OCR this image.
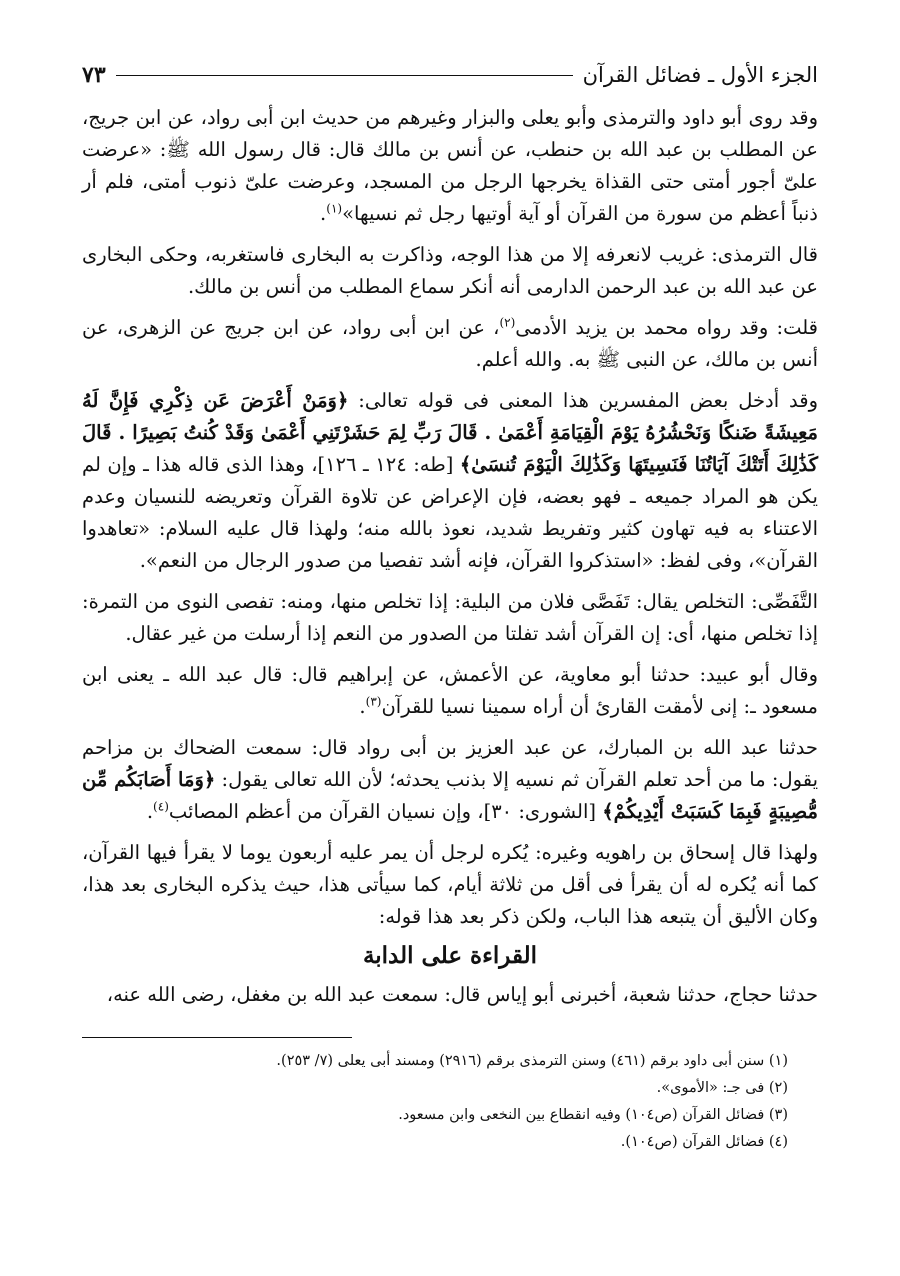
الجزء الأول ـ فضائل القرآن
٧٣

وقد روى أبو داود والترمذى وأبو يعلى والبزار وغيرهم من حديث ابن أبى رواد، عن ابن جريج، عن المطلب بن عبد الله بن حنطب، عن أنس بن مالك قال: قال رسول الله ﷺ: «عرضت علىّ أجور أمتى حتى القذاة يخرجها الرجل من المسجد، وعرضت علىّ ذنوب أمتى، فلم أر ذنباً أعظم من سورة من القرآن أو آية أوتيها رجل ثم نسيها»$^{(١)}$.

قال الترمذى: غريب لانعرفه إلا من هذا الوجه، وذاكرت به البخارى فاستغربه، وحكى البخارى عن عبد الله بن عبد الرحمن الدارمى أنه أنكر سماع المطلب من أنس بن مالك.

قلت: وقد رواه محمد بن يزيد الأدمى$^{(٢)}$، عن ابن أبى رواد، عن ابن جريج عن الزهرى، عن أنس بن مالك، عن النبى ﷺ به. والله أعلم.

وقد أدخل بعض المفسرين هذا المعنى فى قوله تعالى: ﴿وَمَنْ أَعْرَضَ عَن ذِكْرِي فَإِنَّ لَهُ مَعِيشَةً ضَنكًا وَنَحْشُرُهُ يَوْمَ الْقِيَامَةِ أَعْمَىٰ . قَالَ رَبِّ لِمَ حَشَرْتَنِي أَعْمَىٰ وَقَدْ كُنتُ بَصِيرًا . قَالَ كَذَٰلِكَ أَتَتْكَ آيَاتُنَا فَنَسِيتَهَا وَكَذَٰلِكَ الْيَوْمَ تُنسَىٰ﴾ [طه: ١٢٤ ـ ١٢٦]، وهذا الذى قاله هذا ـ وإن لم يكن هو المراد جميعه ـ فهو بعضه، فإن الإعراض عن تلاوة القرآن وتعريضه للنسيان وعدم الاعتناء به فيه تهاون كثير وتفريط شديد، نعوذ بالله منه؛ ولهذا قال عليه السلام: «تعاهدوا القرآن»، وفى لفظ: «استذكروا القرآن، فإنه أشد تفصيا من صدور الرجال من النعم».

التَّفَصِّى: التخلص يقال: تَفَصَّى فلان من البلية: إذا تخلص منها، ومنه: تفصى النوى من التمرة: إذا تخلص منها، أى: إن القرآن أشد تفلتا من الصدور من النعم إذا أرسلت من غير عقال.

وقال أبو عبيد: حدثنا أبو معاوية، عن الأعمش، عن إبراهيم قال: قال عبد الله ـ يعنى ابن مسعود ـ: إنى لأمقت القارئ أن أراه سمينا نسيا للقرآن$^{(٣)}$.

حدثنا عبد الله بن المبارك، عن عبد العزيز بن أبى رواد قال: سمعت الضحاك بن مزاحم يقول: ما من أحد تعلم القرآن ثم نسيه إلا بذنب يحدثه؛ لأن الله تعالى يقول: ﴿وَمَا أَصَابَكُم مِّن مُّصِيبَةٍ فَبِمَا كَسَبَتْ أَيْدِيكُمْ﴾ [الشورى: ٣٠]، وإن نسيان القرآن من أعظم المصائب$^{(٤)}$.

ولهذا قال إسحاق بن راهويه وغيره: يُكره لرجل أن يمر عليه أربعون يوما لا يقرأ فيها القرآن، كما أنه يُكره له أن يقرأ فى أقل من ثلاثة أيام، كما سيأتى هذا، حيث يذكره البخارى بعد هذا، وكان الأليق أن يتبعه هذا الباب، ولكن ذكر بعد هذا قوله:

القراءة على الدابة

حدثنا حجاج، حدثنا شعبة، أخبرنى أبو إياس قال: سمعت عبد الله بن مغفل، رضى الله عنه،

(١) سنن أبى داود برقم (٤٦١) وسنن الترمذى برقم (٢٩١٦) ومسند أبى يعلى (٧/ ٢٥٣).

(٢) فى جـ: «الأموى».

(٣) فضائل القرآن (ص١٠٤) وفيه انقطاع بين النخعى وابن مسعود.

(٤) فضائل القرآن (ص١٠٤).
